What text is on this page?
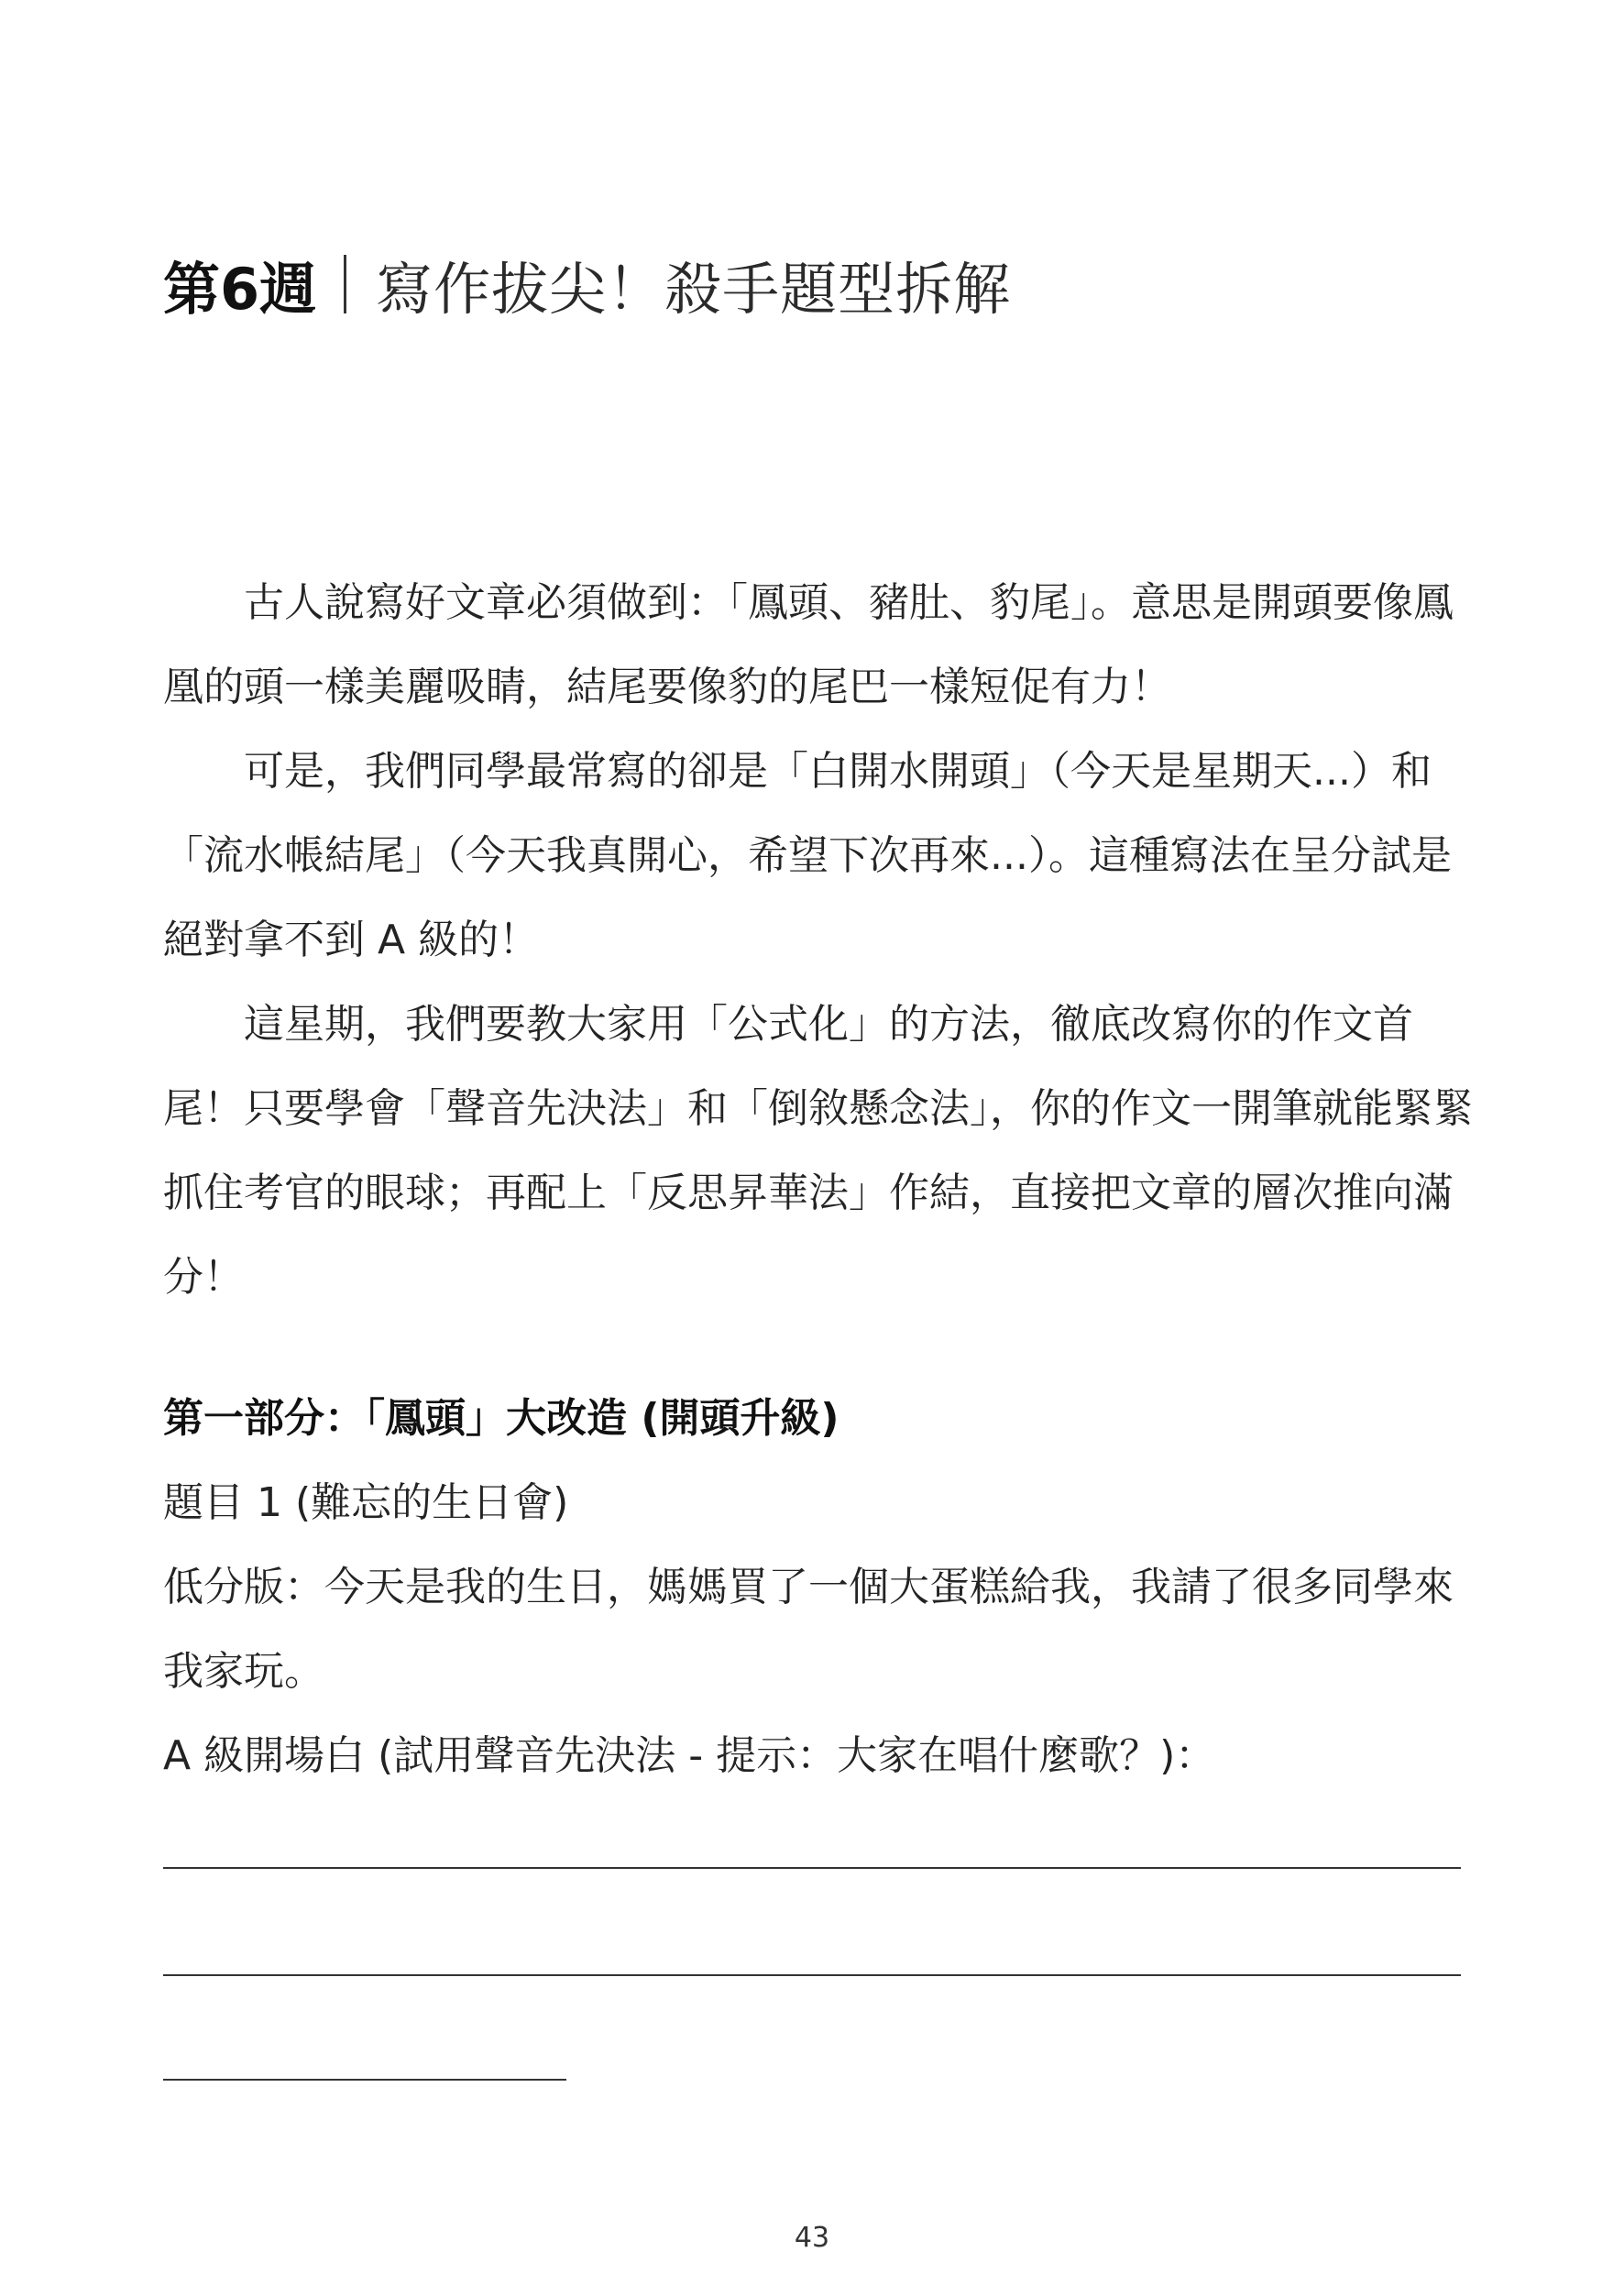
第6週 寫作拔尖！殺手題型拆解

古人說寫好文章必須做到：「鳳頭、豬肚、豹尾」。意思是開頭要像鳳凰的頭一樣美麗吸睛，結尾要像豹的尾巴一樣短促有力！

可是，我們同學最常寫的卻是「白開水開頭」（今天是星期天...）和「流水帳結尾」（今天我真開心，希望下次再來...）。這種寫法在呈分試是絕對拿不到 A 級的！

這星期，我們要教大家用「公式化」的方法，徹底改寫你的作文首尾！只要學會「聲音先決法」和「倒敘懸念法」，你的作文一開筆就能緊緊抓住考官的眼球；再配上「反思昇華法」作結，直接把文章的層次推向滿分！

第一部分：「鳳頭」大改造 (開頭升級)

題目 1 (難忘的生日會)

低分版：今天是我的生日，媽媽買了一個大蛋糕給我，我請了很多同學來我家玩。

A 級開場白 (試用聲音先決法 - 提示：大家在唱什麼歌？)：

43
